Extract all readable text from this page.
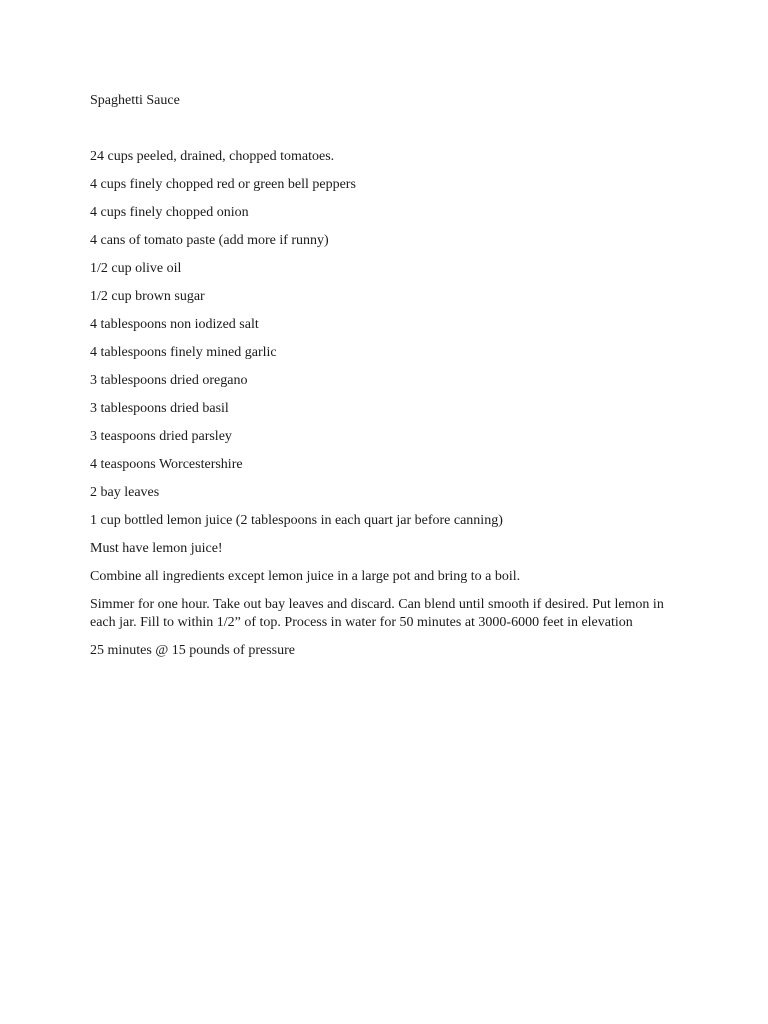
Spaghetti Sauce
24 cups peeled, drained, chopped tomatoes.
4 cups finely chopped red or green bell peppers
4 cups finely chopped onion
4 cans of tomato paste (add more if runny)
1/2 cup olive oil
1/2 cup brown sugar
4 tablespoons non iodized salt
4 tablespoons finely mined garlic
3 tablespoons dried oregano
3 tablespoons dried basil
3 teaspoons dried parsley
4 teaspoons Worcestershire
2 bay leaves
1 cup bottled lemon juice (2 tablespoons in each quart jar before canning)
Must have lemon juice!

Combine all ingredients except lemon juice in a large pot and bring to a boil.

Simmer for one hour. Take out bay leaves and discard. Can blend until smooth if desired. Put lemon in each jar. Fill to within 1/2” of top. Process in water for 50 minutes at 3000-6000 feet in elevation

25 minutes @ 15 pounds of pressure
